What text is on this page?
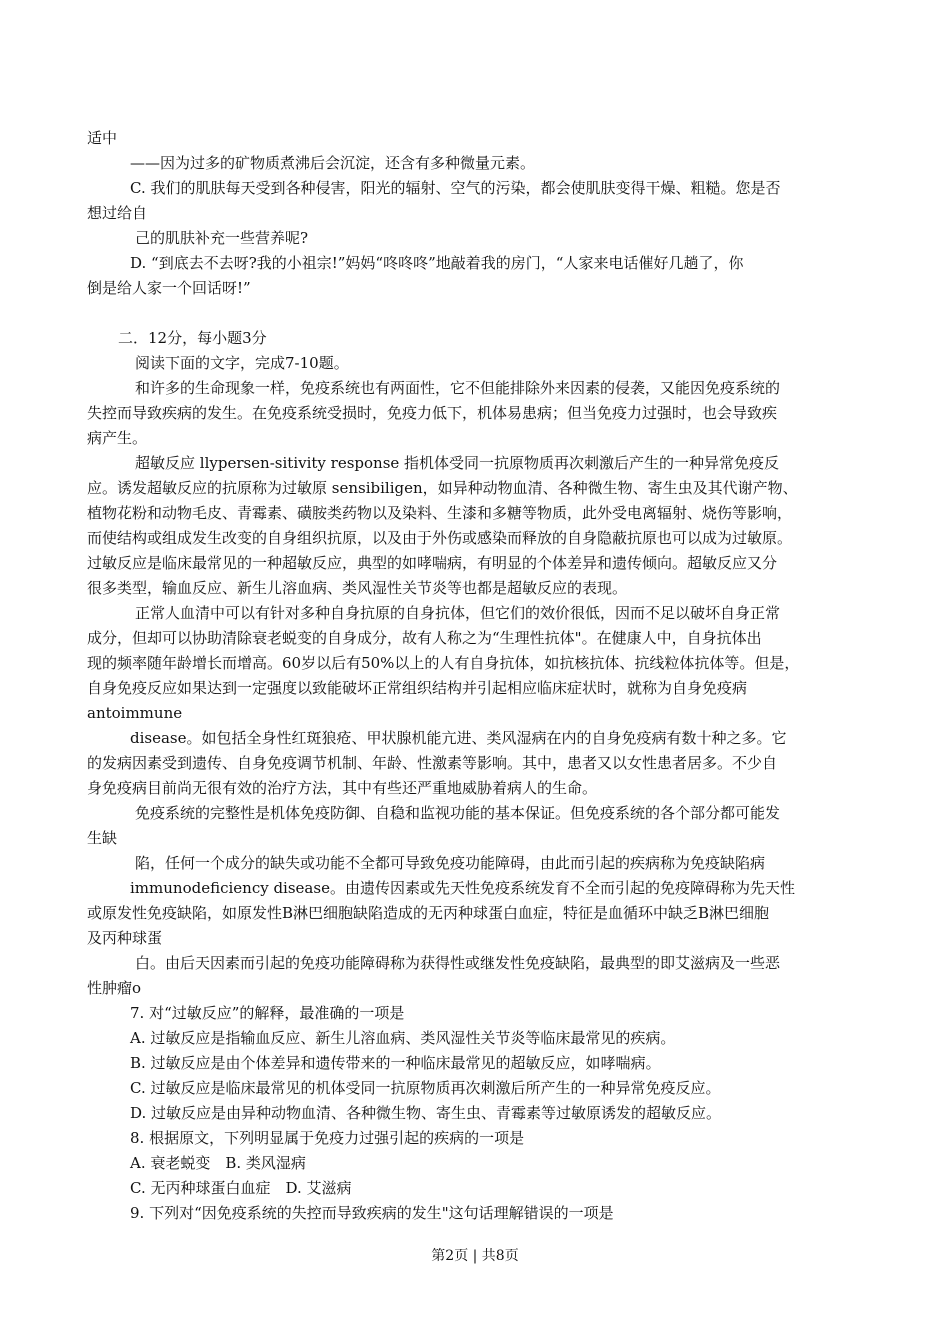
适中
——因为过多的矿物质煮沸后会沉淀，还含有多种微量元素。
C. 我们的肌肤每天受到各种侵害，阳光的辐射、空气的污染，都会使肌肤变得干燥、粗糙。您是否
想过给自
己的肌肤补充一些营养呢?
D. “到底去不去呀?我的小祖宗!”妈妈“咚咚咚”地敲着我的房门，“人家来电话催好几趟了，你
倒是给人家一个回话呀!”
二．12分，每小题3分
阅读下面的文字，完成7-10题。
和许多的生命现象一样，免疫系统也有两面性，它不但能排除外来因素的侵袭，又能因免疫系统的
失控而导致疾病的发生。在免疫系统受损时，免疫力低下，机体易患病；但当免疫力过强时，也会导致疾
病产生。
超敏反应 llypersen-sitivity response 指机体受同一抗原物质再次刺激后产生的一种异常免疫反
应。诱发超敏反应的抗原称为过敏原 sensibiligen，如异种动物血清、各种微生物、寄生虫及其代谢产物、
植物花粉和动物毛皮、青霉素、磺胺类药物以及染料、生漆和多糖等物质，此外受电离辐射、烧伤等影响，
而使结构或组成发生改变的自身组织抗原，以及由于外伤或感染而释放的自身隐蔽抗原也可以成为过敏原。
过敏反应是临床最常见的一种超敏反应，典型的如哮喘病，有明显的个体差异和遗传倾向。超敏反应又分
很多类型，输血反应、新生儿溶血病、类风湿性关节炎等也都是超敏反应的表现。
正常人血清中可以有针对多种自身抗原的自身抗体，但它们的效价很低，因而不足以破坏自身正常
成分，但却可以协助清除衰老蜕变的自身成分，故有人称之为“生理性抗体"。在健康人中，自身抗体出
现的频率随年龄增长而增高。60岁以后有50%以上的人有自身抗体，如抗核抗体、抗线粒体抗体等。但是，
自身免疫反应如果达到一定强度以致能破坏正常组织结构并引起相应临床症状时，就称为自身免疫病
antoimmune
disease。如包括全身性红斑狼疮、甲状腺机能亢进、类风湿病在内的自身免疫病有数十种之多。它
的发病因素受到遗传、自身免疫调节机制、年龄、性激素等影响。其中，患者又以女性患者居多。不少自
身免疫病目前尚无很有效的治疗方法，其中有些还严重地威胁着病人的生命。
免疫系统的完整性是机体免疫防御、自稳和监视功能的基本保证。但免疫系统的各个部分都可能发
生缺
陷，任何一个成分的缺失或功能不全都可导致免疫功能障碍，由此而引起的疾病称为免疫缺陷病
immunodeficiency disease。由遗传因素或先天性免疫系统发育不全而引起的免疫障碍称为先天性
或原发性免疫缺陷，如原发性B淋巴细胞缺陷造成的无丙种球蛋白血症，特征是血循环中缺乏B淋巴细胞
及丙种球蛋
白。由后天因素而引起的免疫功能障碍称为获得性或继发性免疫缺陷，最典型的即艾滋病及一些恶
性肿瘤o
7. 对“过敏反应”的解释，最准确的一项是
A. 过敏反应是指输血反应、新生儿溶血病、类风湿性关节炎等临床最常见的疾病。
B. 过敏反应是由个体差异和遗传带来的一种临床最常见的超敏反应，如哮喘病。
C. 过敏反应是临床最常见的机体受同一抗原物质再次刺激后所产生的一种异常免疫反应。
D. 过敏反应是由异种动物血清、各种微生物、寄生虫、青霉素等过敏原诱发的超敏反应。
8. 根据原文，下列明显属于免疫力过强引起的疾病的一项是
A. 衰老蜕变　B. 类风湿病
C. 无丙种球蛋白血症　D. 艾滋病
9. 下列对“因免疫系统的失控而导致疾病的发生"这句话理解错误的一项是
第2页 | 共8页
